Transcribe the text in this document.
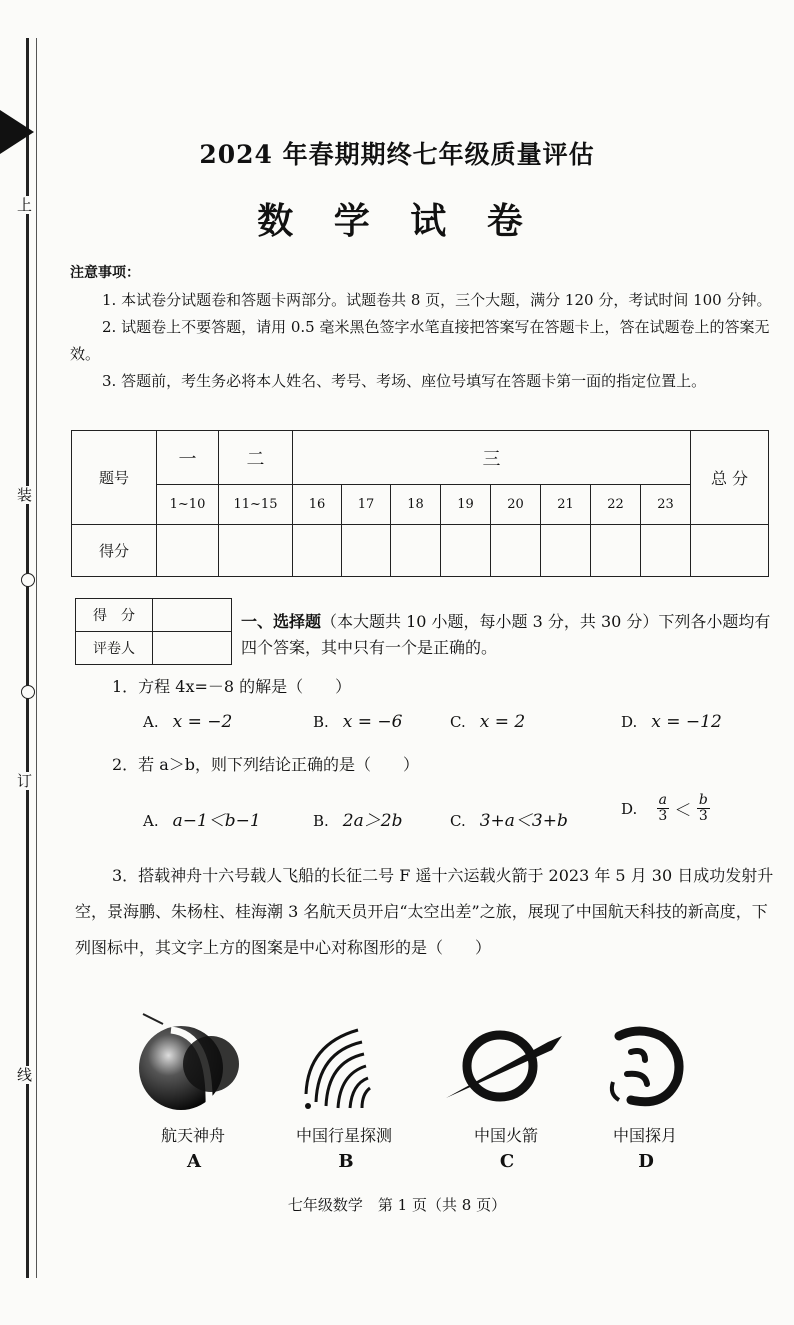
上
装
订
线
2024 年春期期终七年级质量评估
数 学 试 卷
注意事项：

1. 本试卷分试题卷和答题卡两部分。试题卷共 8 页，三个大题，满分 120 分，考试时间 100 分钟。

2. 试题卷上不要答题，请用 0.5 毫米黑色签字水笔直接把答案写在答题卡上，答在试题卷上的答案无效。

3. 答题前，考生务必将本人姓名、考号、考场、座位号填写在答题卡第一面的指定位置上。

题号	一	二	三								总 分
	1~10	11~15	16	17	18	19	20	21	22	23	
得分											
得　分	
评卷人	
一、选择题（本大题共 10 小题，每小题 3 分，共 30 分）下列各小题均有四个答案，其中只有一个是正确的。
1．方程 4x=－8 的解是（　　）
A. x = −2	B. x = −6	C. x = 2	D. x = −12
2．若 a＞b，则下列结论正确的是（　　）
A. a−1＜b−1	B. 2a＞2b	C. 3+a＜3+b
D. $\frac{a}{3} < \frac{b}{3}$
3．搭载神舟十六号载人飞船的长征二号 F 遥十六运载火箭于 2023 年 5 月 30 日成功发射升空，景海鹏、朱杨柱、桂海潮 3 名航天员开启“太空出差”之旅，展现了中国航天科技的新高度，下列图标中，其文字上方的图案是中心对称图形的是（　　）
航天神舟	中国行星探测	中国火箭	中国探月
A	B	C	D
七年级数学　第 1 页（共 8 页）
